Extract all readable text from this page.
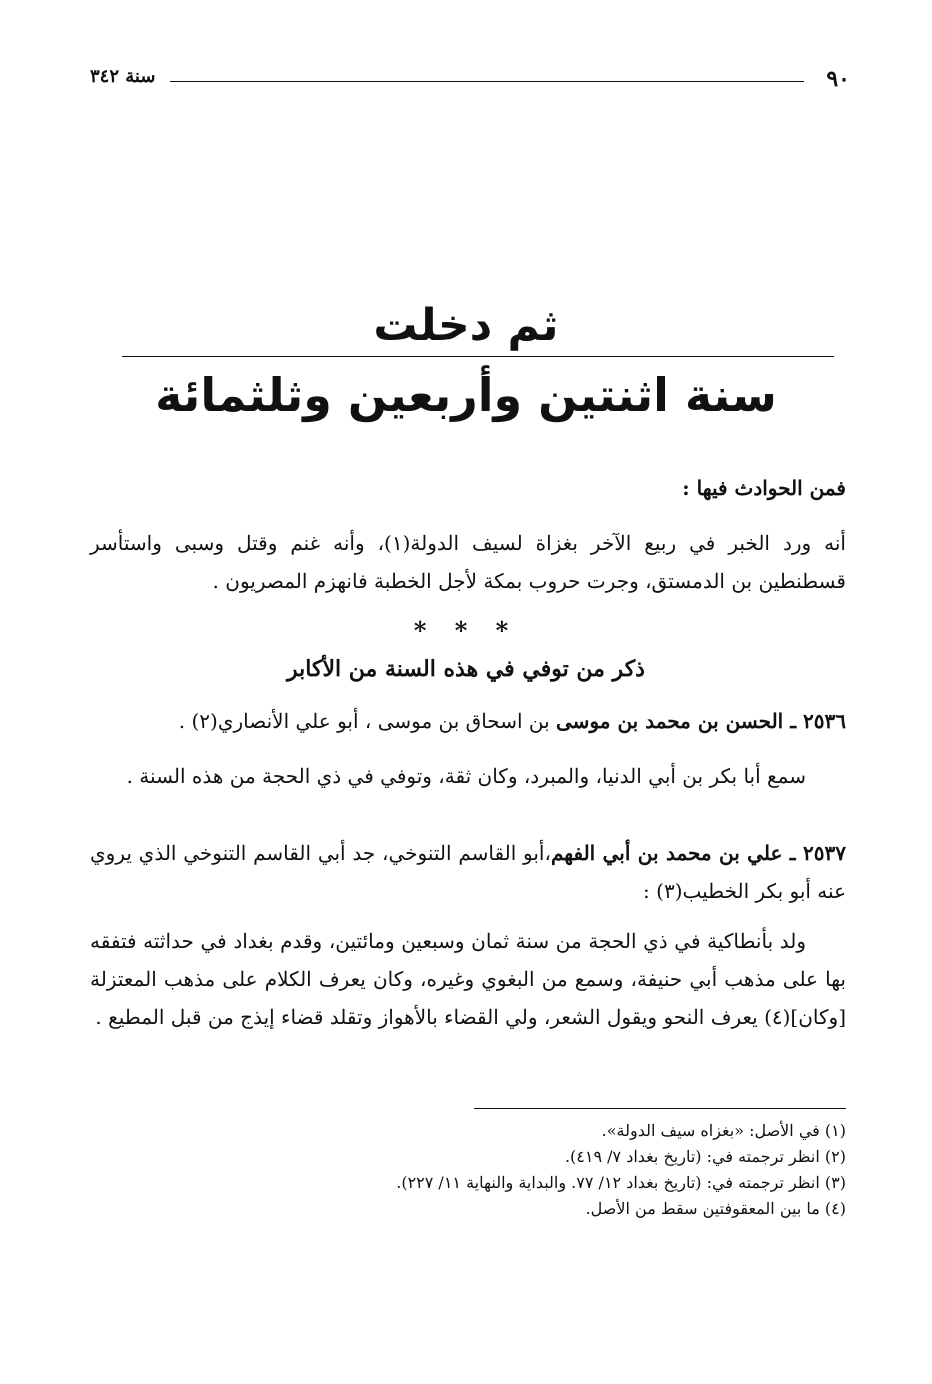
٩٠
سنة ٣٤٢
ثم دخلت
سنة اثنتين وأربعين وثلثمائة
فمن الحوادث فيها :
أنه ورد الخبر في ربيع الآخر بغزاة لسيف الدولة(١)، وأنه غنم وقتل وسبى واستأسر قسطنطين بن الدمستق، وجرت حروب بمكة لأجل الخطبة فانهزم المصريون .
* * *
ذكر من توفي في هذه السنة من الأكابر
٢٥٣٦ ـ الحسن بن محمد بن موسى بن اسحاق بن موسى ، أبو علي الأنصاري(٢) .
سمع أبا بكر بن أبي الدنيا، والمبرد، وكان ثقة، وتوفي في ذي الحجة من هذه السنة .
٢٥٣٧ ـ علي بن محمد بن أبي الفهم،أبو القاسم التنوخي، جد أبي القاسم التنوخي الذي يروي عنه أبو بكر الخطيب(٣) :
ولد بأنطاكية في ذي الحجة من سنة ثمان وسبعين ومائتين، وقدم بغداد في حداثته فتفقه بها على مذهب أبي حنيفة، وسمع من البغوي وغيره، وكان يعرف الكلام على مذهب المعتزلة [وكان](٤) يعرف النحو ويقول الشعر، ولي القضاء بالأهواز وتقلد قضاء إيذج من قبل المطيع .
(١) في الأصل: «بغزاه سيف الدولة».
(٢) انظر ترجمته في: (تاريخ بغداد ٧/ ٤١٩).
(٣) انظر ترجمته في: (تاريخ بغداد ١٢/ ٧٧. والبداية والنهاية ١١/ ٢٢٧).
(٤) ما بين المعقوفتين سقط من الأصل.
